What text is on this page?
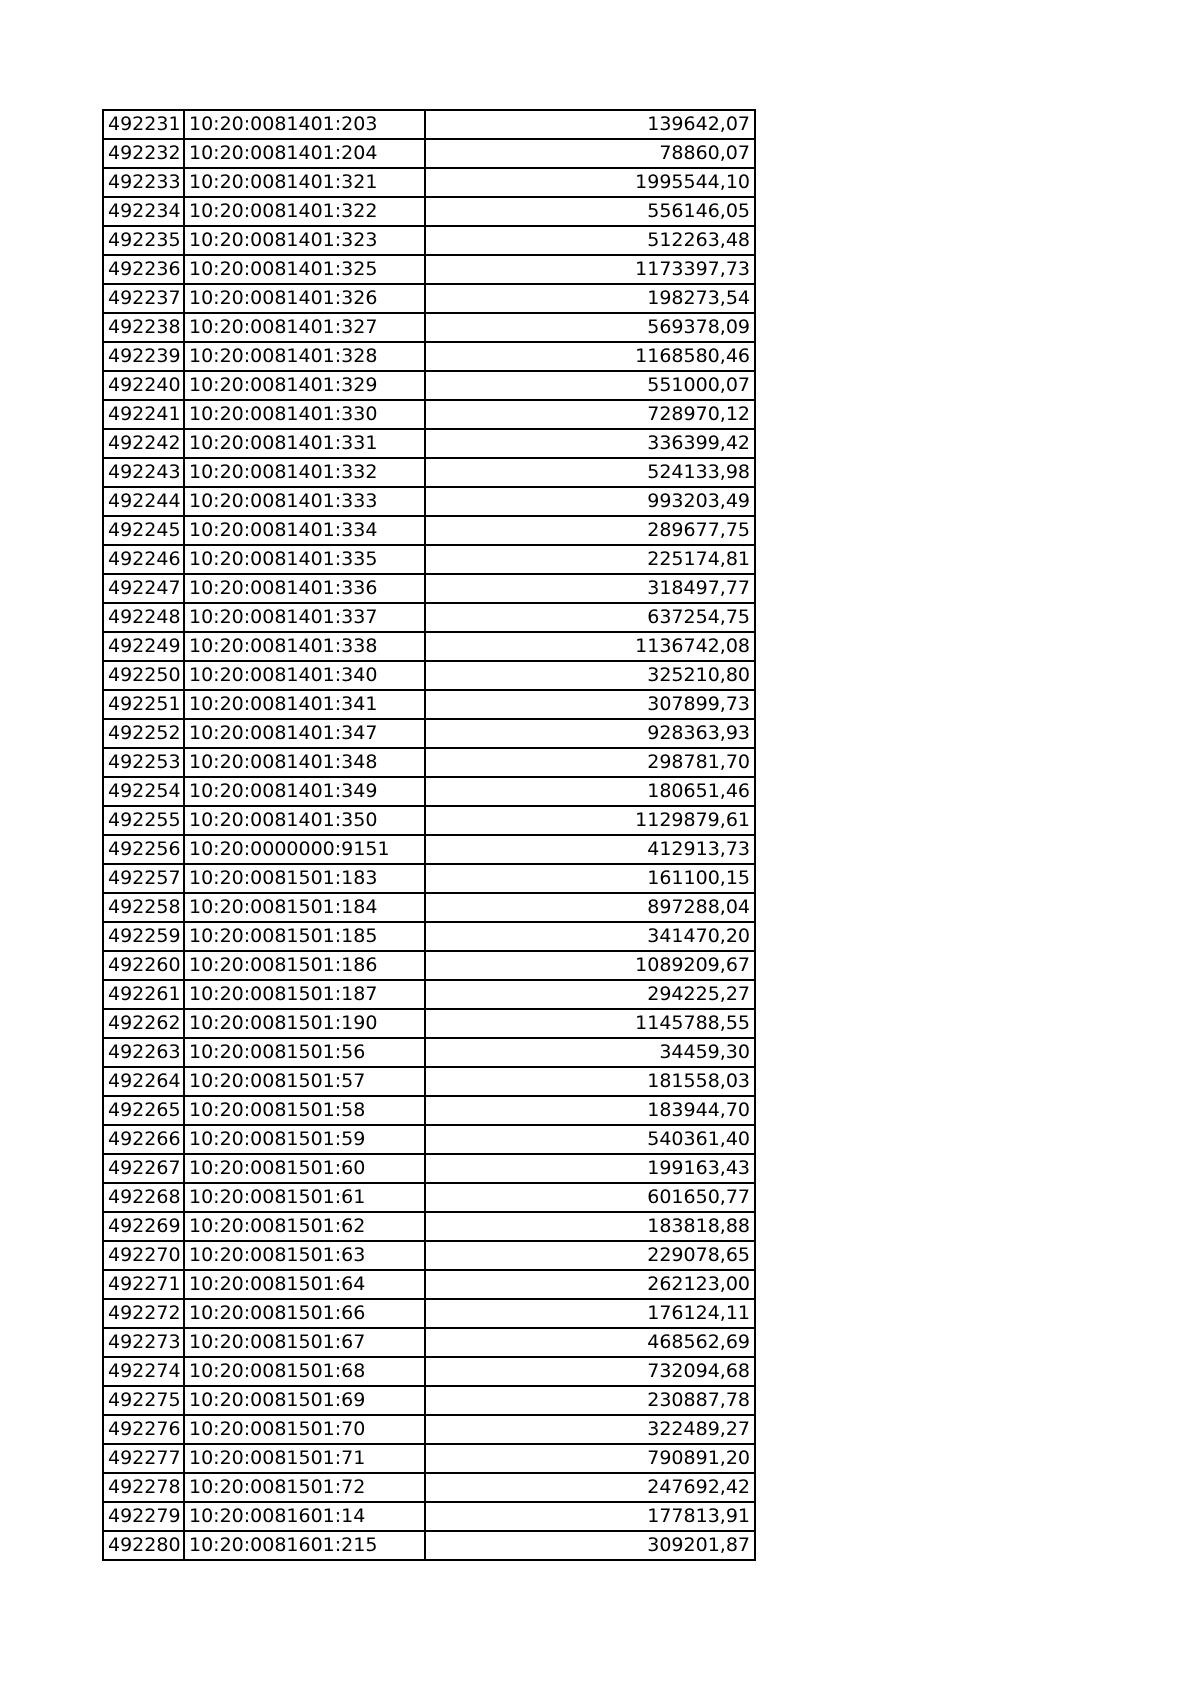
492231	10:20:0081401:203	139642,07
492232	10:20:0081401:204	78860,07
492233	10:20:0081401:321	1995544,10
492234	10:20:0081401:322	556146,05
492235	10:20:0081401:323	512263,48
492236	10:20:0081401:325	1173397,73
492237	10:20:0081401:326	198273,54
492238	10:20:0081401:327	569378,09
492239	10:20:0081401:328	1168580,46
492240	10:20:0081401:329	551000,07
492241	10:20:0081401:330	728970,12
492242	10:20:0081401:331	336399,42
492243	10:20:0081401:332	524133,98
492244	10:20:0081401:333	993203,49
492245	10:20:0081401:334	289677,75
492246	10:20:0081401:335	225174,81
492247	10:20:0081401:336	318497,77
492248	10:20:0081401:337	637254,75
492249	10:20:0081401:338	1136742,08
492250	10:20:0081401:340	325210,80
492251	10:20:0081401:341	307899,73
492252	10:20:0081401:347	928363,93
492253	10:20:0081401:348	298781,70
492254	10:20:0081401:349	180651,46
492255	10:20:0081401:350	1129879,61
492256	10:20:0000000:9151	412913,73
492257	10:20:0081501:183	161100,15
492258	10:20:0081501:184	897288,04
492259	10:20:0081501:185	341470,20
492260	10:20:0081501:186	1089209,67
492261	10:20:0081501:187	294225,27
492262	10:20:0081501:190	1145788,55
492263	10:20:0081501:56	34459,30
492264	10:20:0081501:57	181558,03
492265	10:20:0081501:58	183944,70
492266	10:20:0081501:59	540361,40
492267	10:20:0081501:60	199163,43
492268	10:20:0081501:61	601650,77
492269	10:20:0081501:62	183818,88
492270	10:20:0081501:63	229078,65
492271	10:20:0081501:64	262123,00
492272	10:20:0081501:66	176124,11
492273	10:20:0081501:67	468562,69
492274	10:20:0081501:68	732094,68
492275	10:20:0081501:69	230887,78
492276	10:20:0081501:70	322489,27
492277	10:20:0081501:71	790891,20
492278	10:20:0081501:72	247692,42
492279	10:20:0081601:14	177813,91
492280	10:20:0081601:215	309201,87
